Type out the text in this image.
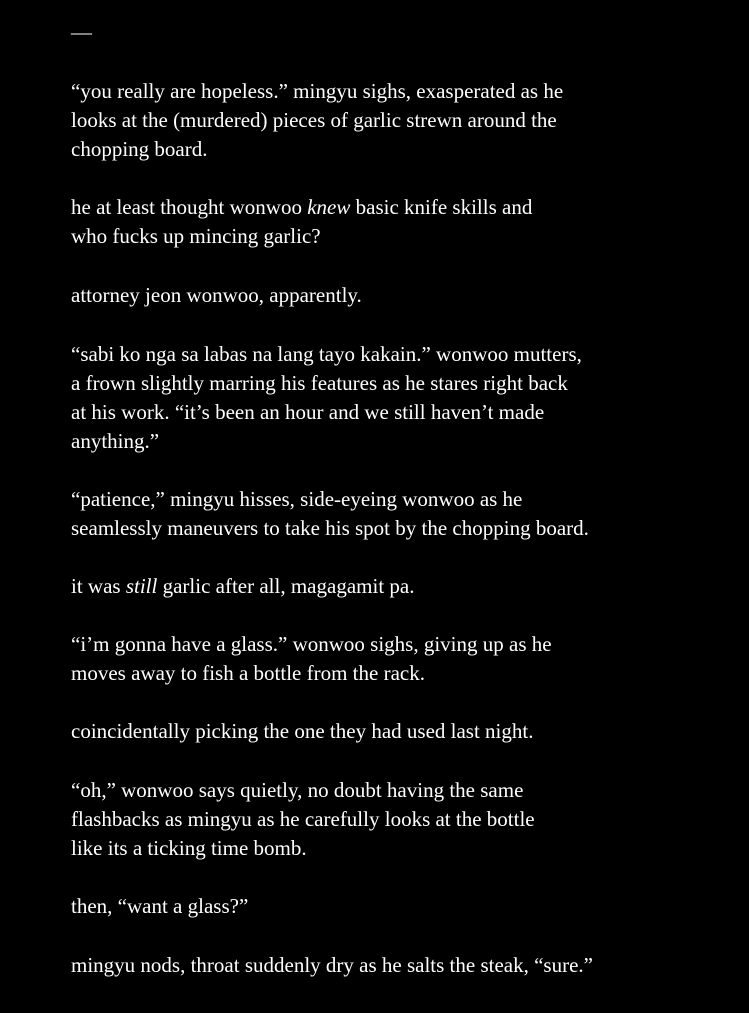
—

“you really are hopeless.” mingyu sighs, exasperated as he
looks at the (murdered) pieces of garlic strewn around the
chopping board.

he at least thought wonwoo knew basic knife skills and
who fucks up mincing garlic?

attorney jeon wonwoo, apparently.

“sabi ko nga sa labas na lang tayo kakain.” wonwoo mutters,
a frown slightly marring his features as he stares right back
at his work. “it’s been an hour and we still haven’t made
anything.”

“patience,” mingyu hisses, side-eyeing wonwoo as he
seamlessly maneuvers to take his spot by the chopping board.

it was still garlic after all, magagamit pa.

“i’m gonna have a glass.” wonwoo sighs, giving up as he
moves away to fish a bottle from the rack.

coincidentally picking the one they had used last night.

“oh,” wonwoo says quietly, no doubt having the same
flashbacks as mingyu as he carefully looks at the bottle
like its a ticking time bomb.

then, “want a glass?”

mingyu nods, throat suddenly dry as he salts the steak, “sure.”
